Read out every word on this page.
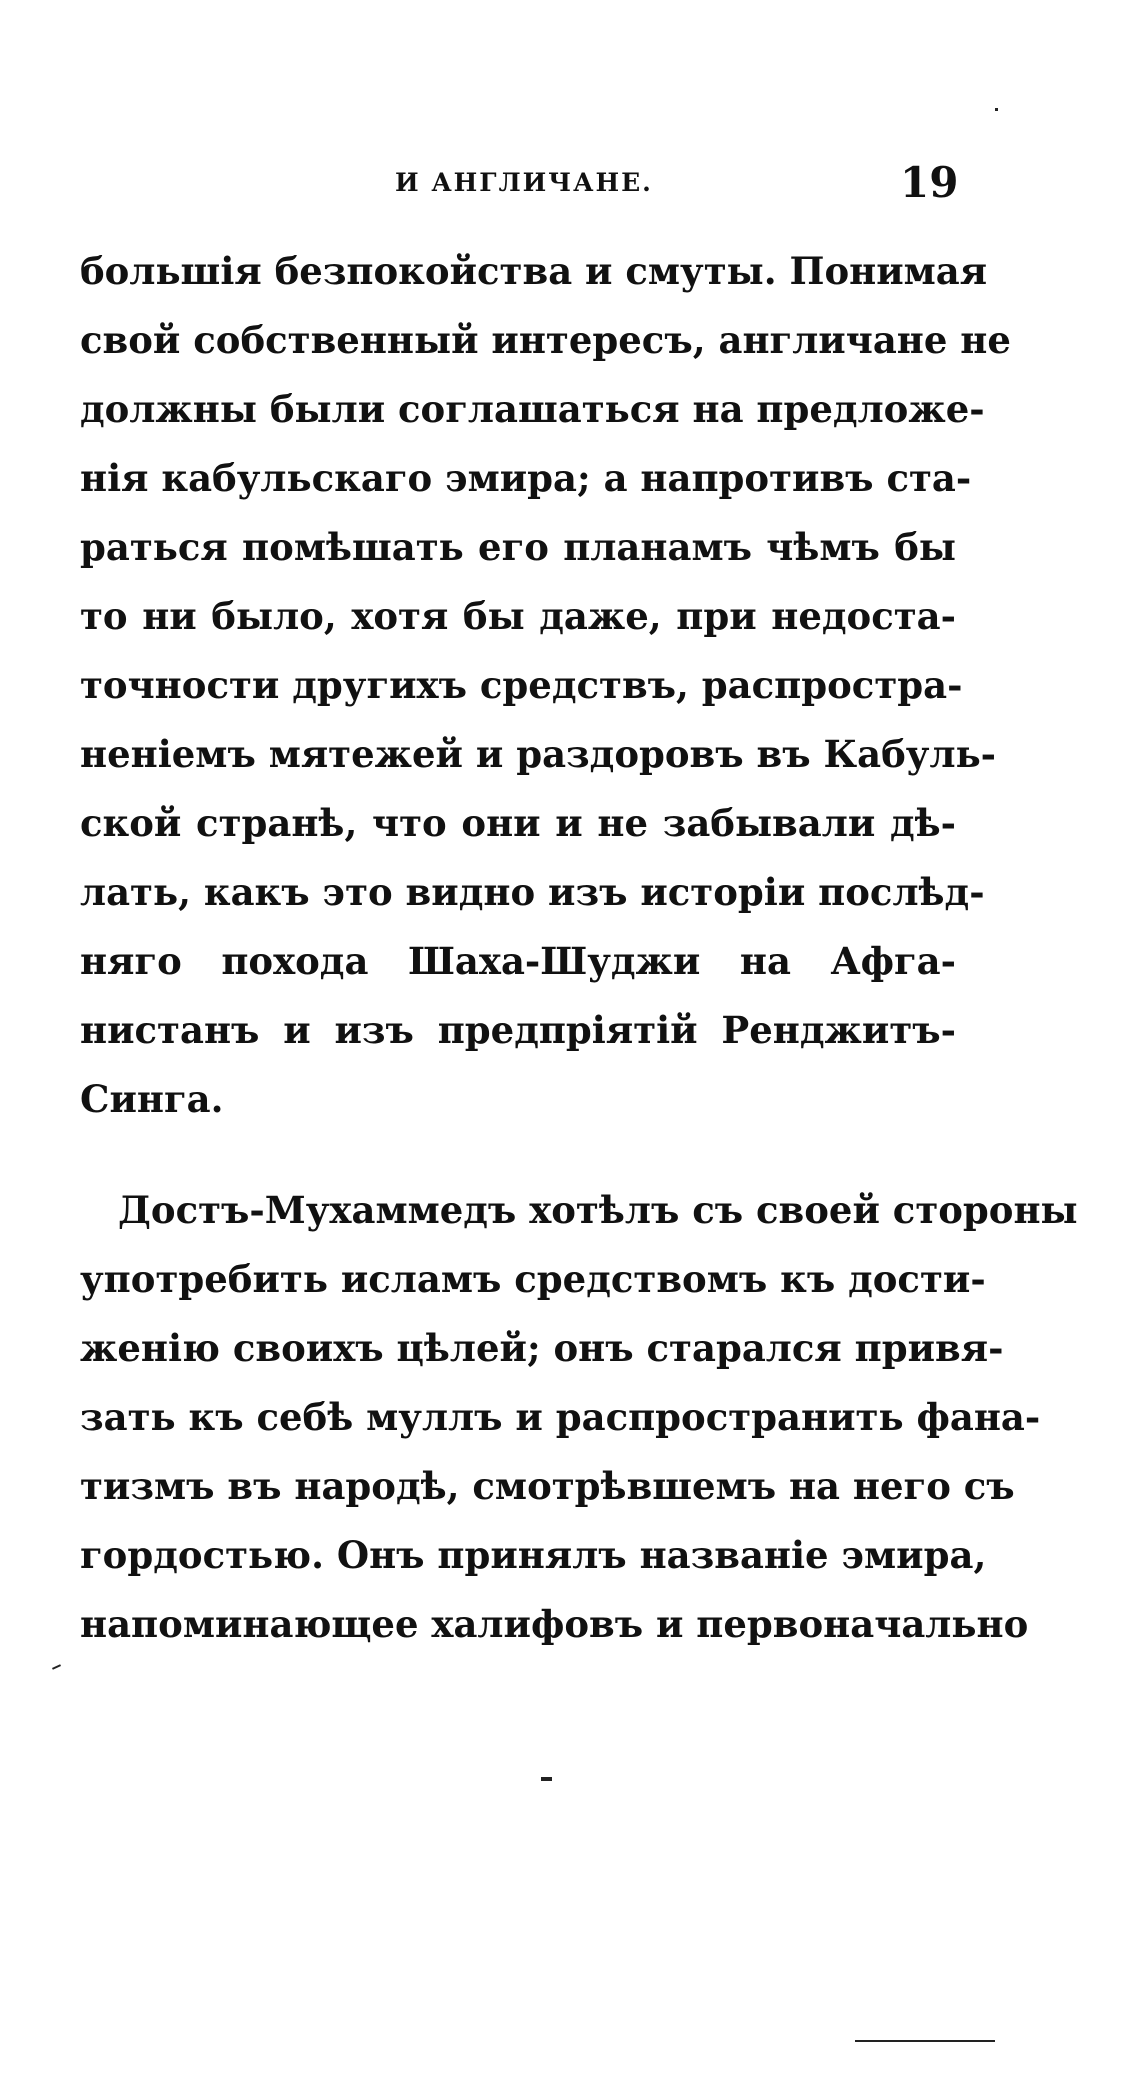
И АНГЛИЧАНЕ.	19
большія безпокойства и смуты. Понимая
свой собственный интересъ, англичане не
должны были соглашаться на предложе-
нія кабульскаго эмира; а напротивъ ста-
раться помѣшать его планамъ чѣмъ бы
то ни было, хотя бы даже, при недоста-
точности другихъ средствъ, распростра-
неніемъ мятежей и раздоровъ въ Кабуль-
ской странѣ, что они и не забывали дѣ-
лать, какъ это видно изъ исторіи послѣд-
няго похода Шаха-Шуджи на Афга-
нистанъ и изъ предпріятій Ренджитъ-
Синга.
Достъ-Мухаммедъ хотѣлъ съ своей стороны
употребить исламъ средствомъ къ дости-
женію своихъ цѣлей; онъ старался привя-
зать къ себѣ муллъ и распространить фана-
тизмъ въ народѣ, смотрѣвшемъ на него съ
гордостью. Онъ принялъ названіе эмира,
напоминающее халифовъ и первоначально
